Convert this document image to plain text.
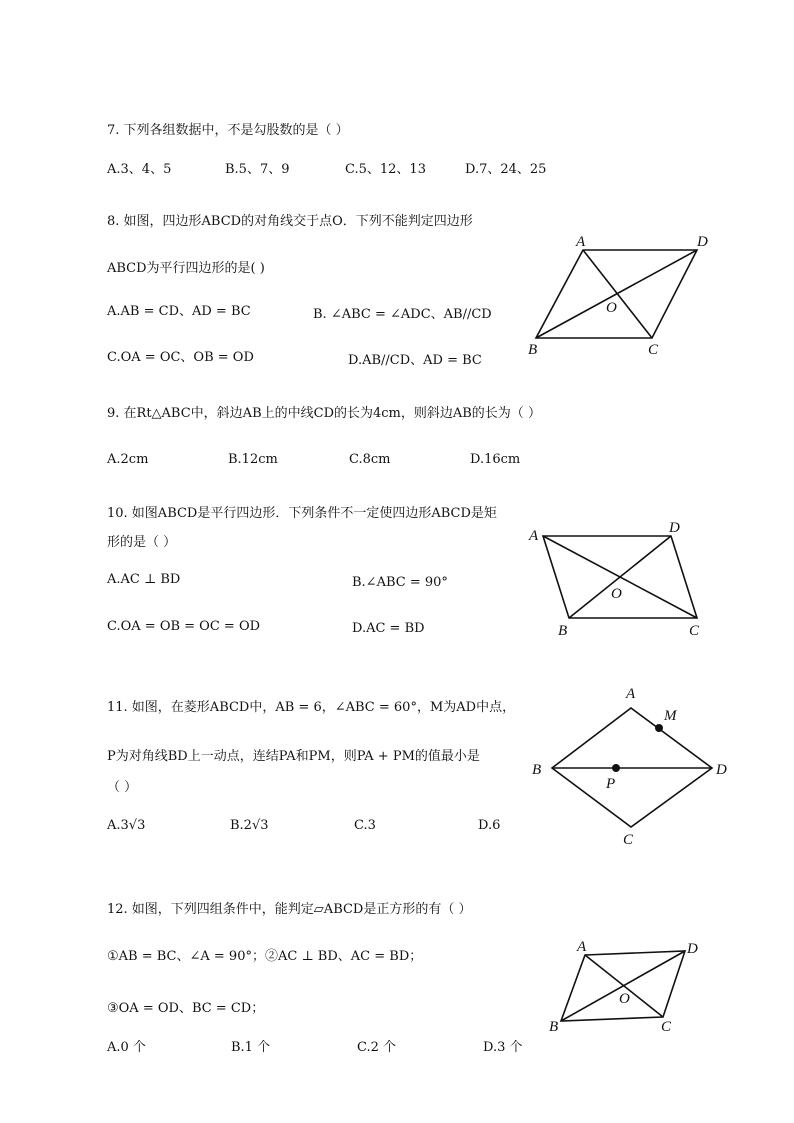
7. 下列各组数据中，不是勾股数的是（ ）
A.3、4、5	B.5、7、9	C.5、12、13	D.7、24、25
8. 如图，四边形ABCD的对角线交于点O．下列不能判定四边形
ABCD为平行四边形的是( )
A.AB = CD、AD = BC	B. ∠ABC = ∠ADC、AB//CD
C.OA = OC、OB = OD	D.AB//CD、AD = BC
A	D
B	C
O
9. 在Rt△ABC中，斜边AB上的中线CD的长为4cm，则斜边AB的长为（ ）
A.2cm	B.12cm	C.8cm	D.16cm
10. 如图ABCD是平行四边形．下列条件不一定使四边形ABCD是矩
形的是（ ）
A.AC ⊥ BD	B.∠ABC = 90°
C.OA = OB = OC = OD	D.AC = BD
A	D
B	C
O
11. 如图，在菱形ABCD中，AB = 6，∠ABC = 60°，M为AD中点，
P为对角线BD上一动点，连结PA和PM，则PA + PM的值最小是
（ ）
A.3√3	B.2√3	C.3	D.6
A
M
B	D
P
C
12. 如图，下列四组条件中，能判定▱ABCD是正方形的有（ ）
①AB = BC、∠A = 90°；②AC ⊥ BD、AC = BD；
③OA = OD、BC = CD；
A.0 个	B.1 个	C.2 个	D.3 个
A	D
B	C
O
